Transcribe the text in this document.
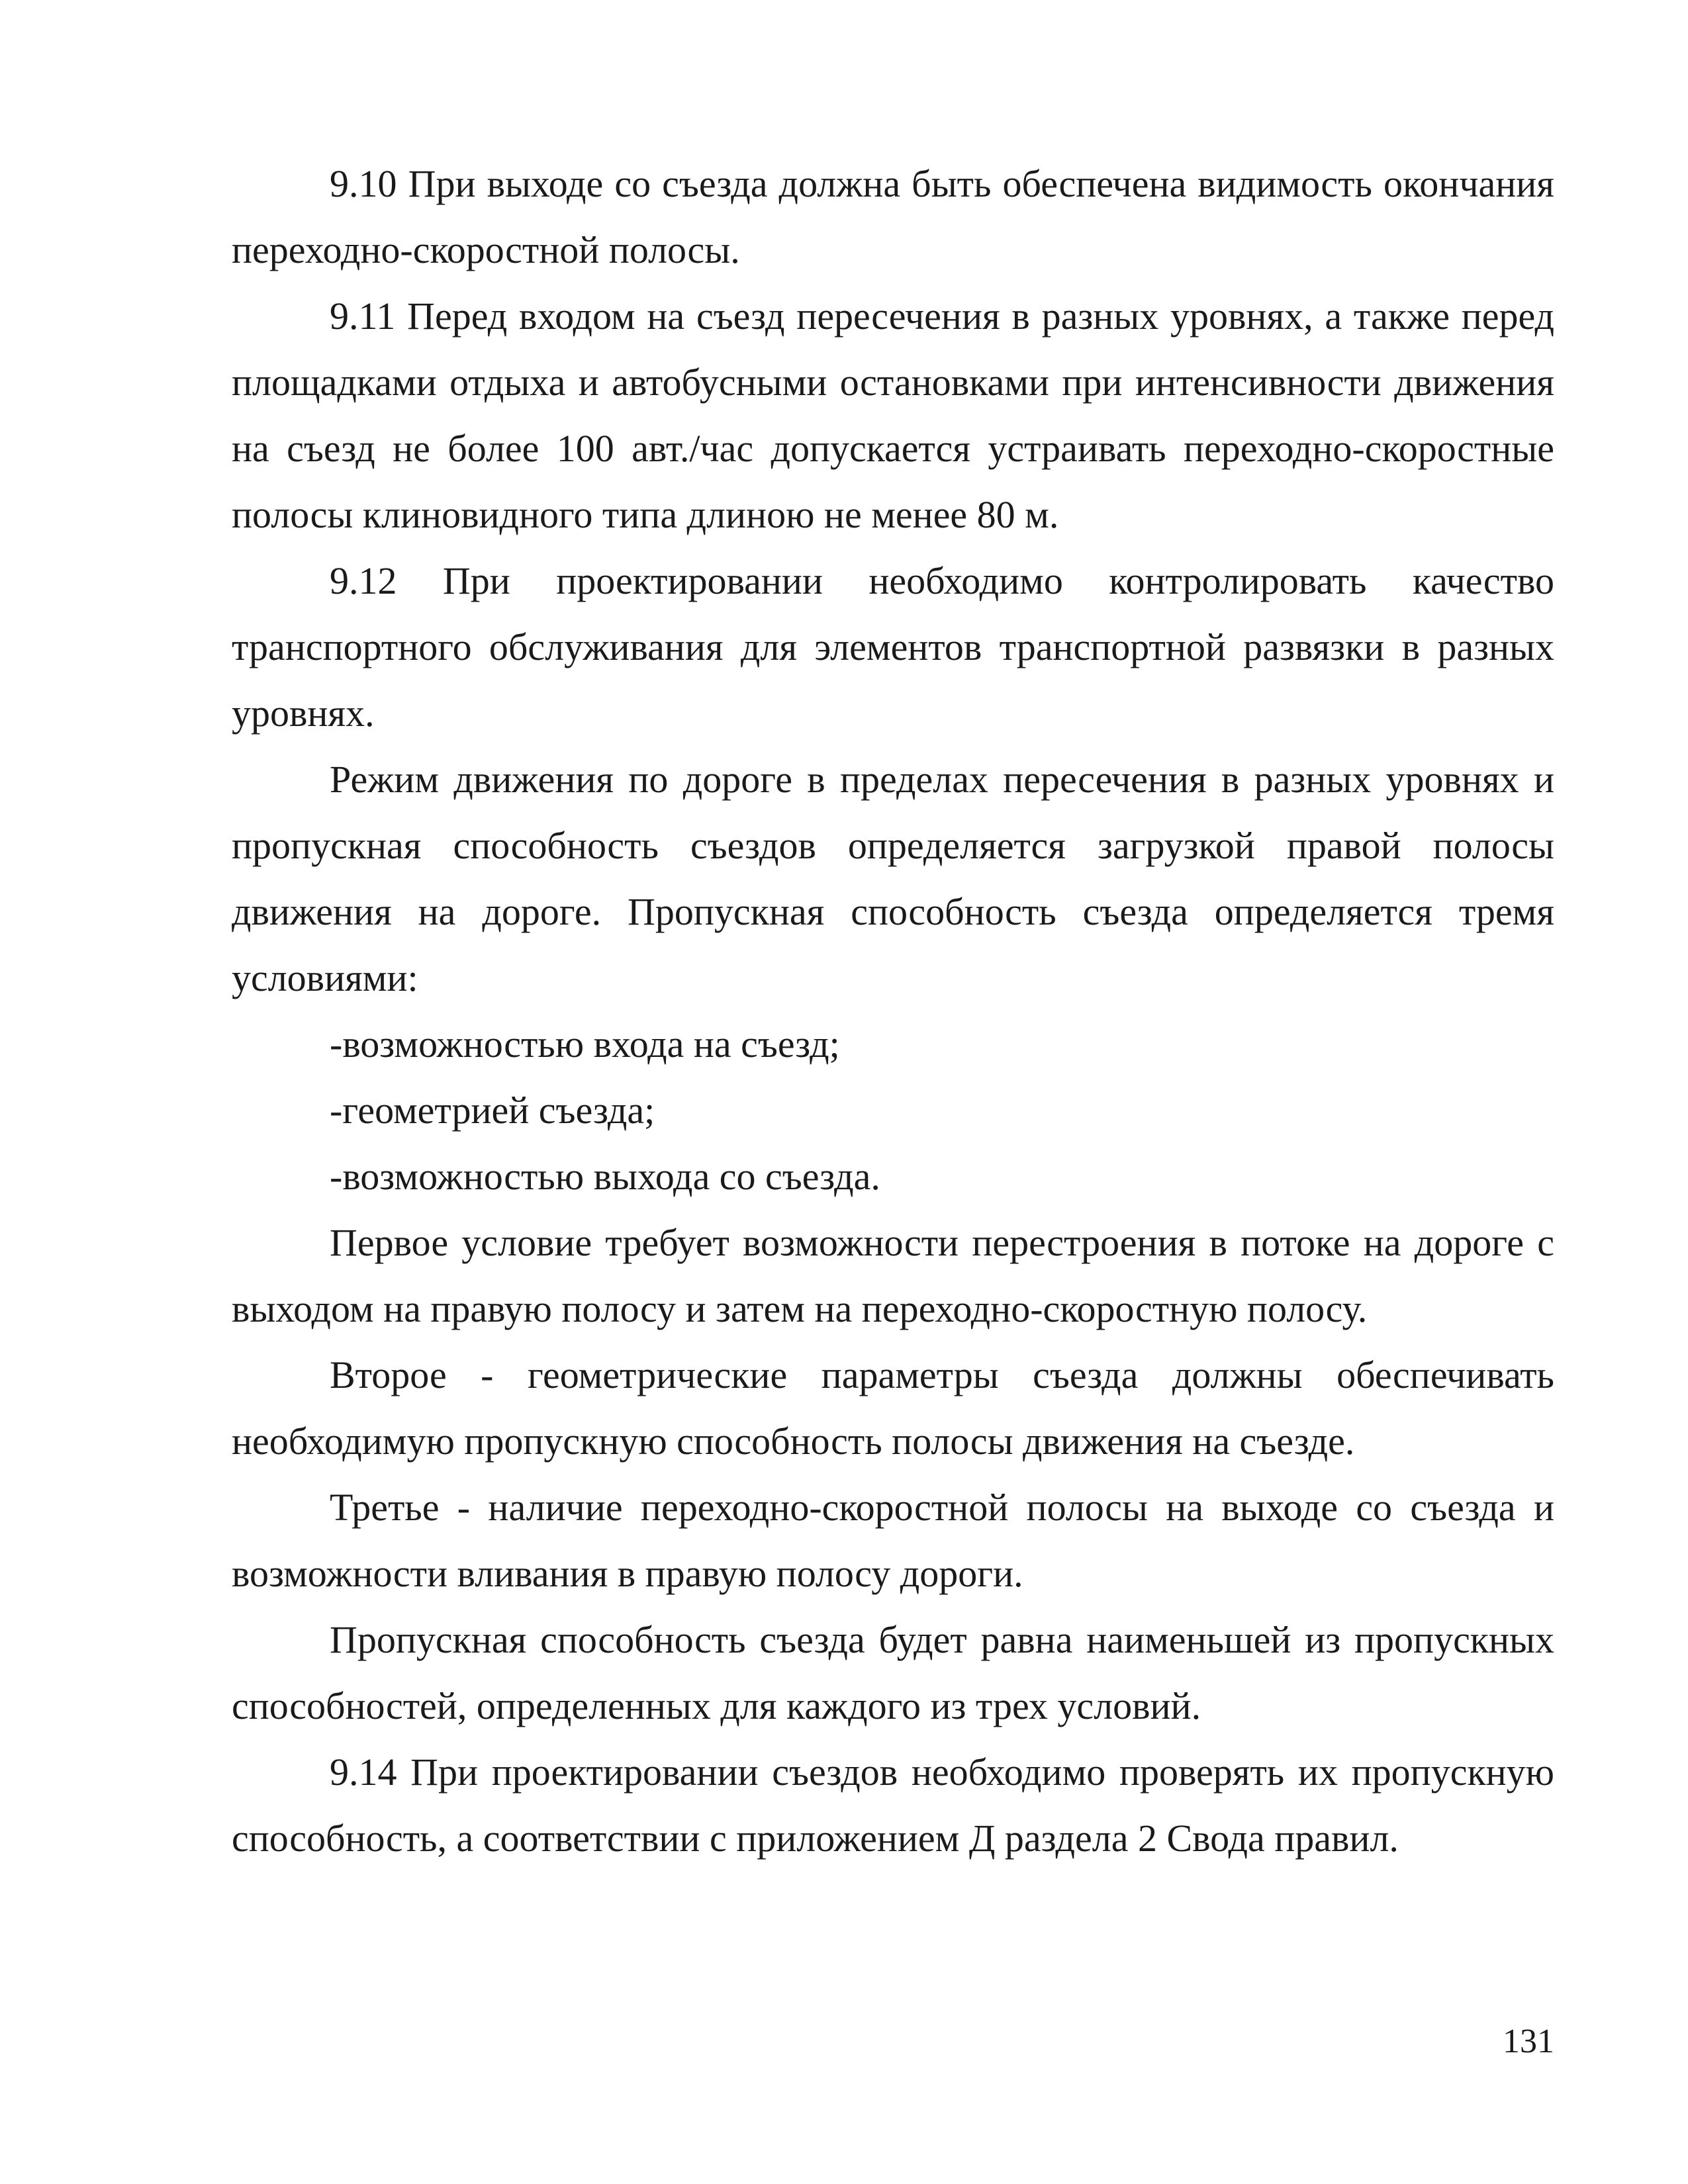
9.10 При выходе со съезда должна быть обеспечена видимость окончания переходно-скоростной полосы.

9.11 Перед входом на съезд пересечения в разных уровнях, а также перед площадками отдыха и автобусными остановками при интенсивности движения на съезд не более 100 авт./час допускается устраивать переходно-скоростные полосы клиновидного типа длиною не менее 80 м.

9.12 При проектировании необходимо контролировать качество транспортного обслуживания для элементов транспортной развязки в разных уровнях.

Режим движения по дороге в пределах пересечения в разных уровнях и пропускная способность съездов определяется загрузкой правой полосы движения на дороге. Пропускная способность съезда определяется тремя условиями:

-возможностью входа на съезд;

-геометрией съезда;

-возможностью выхода со съезда.

Первое условие требует возможности перестроения в потоке на дороге с выходом на правую полосу и затем на переходно-скоростную полосу.

Второе - геометрические параметры съезда должны обеспечивать необходимую пропускную способность полосы движения на съезде.

Третье - наличие переходно-скоростной полосы на выходе со съезда и возможности вливания в правую полосу дороги.

Пропускная способность съезда будет равна наименьшей из пропускных способностей, определенных для каждого из трех условий.

9.14 При проектировании съездов необходимо проверять их пропускную способность, а соответствии с приложением Д раздела 2 Свода правил.

131
